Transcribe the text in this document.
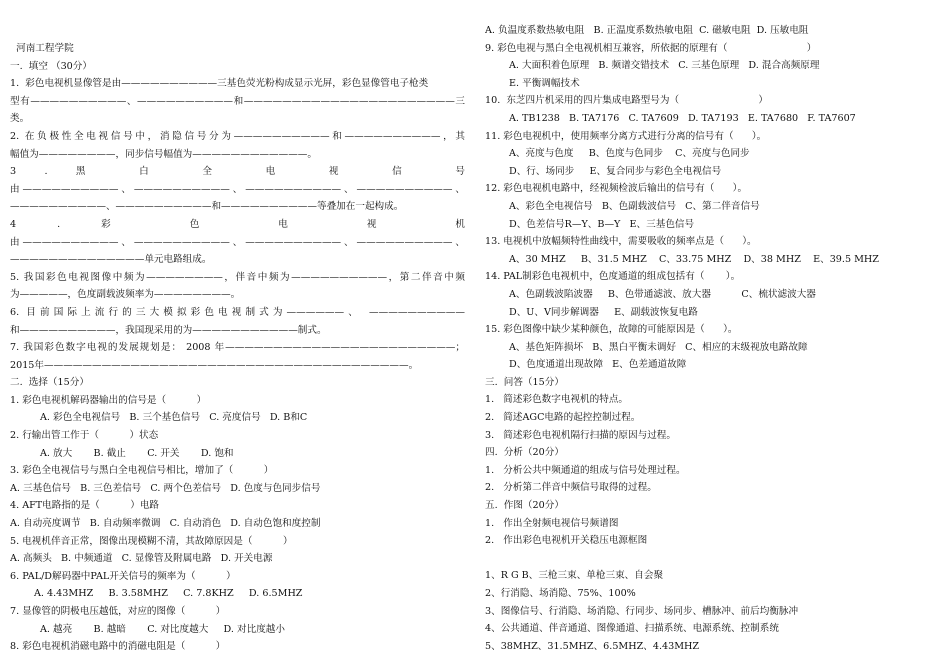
河南工程学院
一.  填空 （30分）
1.  彩色电视机显像管是由——————————三基色荧光粉构成显示光屏，彩色显像管电子枪类
型有——————————、——————————和——————————————————————三
类。
2. 在负极性全电视信号中，消隐信号分为——————————和——————————，其
幅值为————————，同步信号幅值为————————————。
3 . 黑 白 全 电 视 信 号
由——————————、——————————、——————————、——————————、
——————————、——————————和——————————等叠加在一起构成。
4 . 彩 色 电 视 机
由——————————、——————————、——————————、——————————、
——————————————单元电路组成。
5. 我国彩色电视图像中频为————————，伴音中频为——————————，第二伴音中频
为—————，色度副载波频率为————————。
6. 目前国际上流行的三大模拟彩色电视制式为——————、 ——————————
和——————————，我国现采用的为———————————制式。
7. 我国彩色数字电视的发展规划是： 2008 年————————————————————————；
2015年——————————————————————————————————————。
二.  选择（15分）
1. 彩色电视机解码器输出的信号是（          ）
A. 彩色全电视信号   B. 三个基色信号   C. 亮度信号   D. B和C
2. 行输出管工作于（          ）状态
A. 放大       B. 截止       C. 开关       D. 饱和
3. 彩色全电视信号与黑白全电视信号相比，增加了（          ）
A. 三基色信号   B. 三色差信号   C. 两个色差信号   D. 色度与色同步信号
4. AFT电路指的是（          ）电路
A. 自动亮度调节   B. 自动频率微调   C. 自动消色   D. 自动色饱和度控制
5. 电视机伴音正常，图像出现模糊不清，其故障原因是（          ）
A. 高频头   B. 中频通道   C. 显像管及附属电路   D. 开关电源
6. PAL/D解码器中PAL开关信号的频率为（          ）
A. 4.43MHZ     B. 3.58MHZ     C. 7.8KHZ     D. 6.5MHZ
7. 显像管的阴极电压越低，对应的图像（          ）
A. 越亮       B. 越暗       C. 对比度越大     D. 对比度越小
8. 彩色电视机消磁电路中的消磁电阻是（          ）
A. 负温度系数热敏电阻   B. 正温度系数热敏电阻  C. 磁敏电阻  D. 压敏电阻
9. 彩色电视与黑白全电视机相互兼容，所依据的原理有（                          ）
A. 大面积着色原理   B. 频谱交错技术   C. 三基色原理   D. 混合高频原理
E. 平衡调幅技术
10.  东芝四片机采用的四片集成电路型号为（                          ）
A. TB1238   B. TA7176   C. TA7609   D. TA7193   E. TA7680   F. TA7607
11. 彩色电视机中，使用频率分离方式进行分离的信号有（      ）。
A、亮度与色度     B、色度与色同步    C、亮度与色同步
D、行、场同步     E、复合同步与彩色全电视信号
12. 彩色电视机电路中，经视频检波后输出的信号有（      ）。
A、彩色全电视信号   B、色副载波信号   C、第二伴音信号
D、色差信号R—Y、B—Y   E、三基色信号
13. 电视机中放幅频特性曲线中，需要吸收的频率点是（      ）。
A、30 MHZ     B、31.5 MHZ    C、33.75 MHZ    D、38 MHZ    E、39.5 MHZ
14. PAL制彩色电视机中，色度通道的组成包括有（       ）。
A、色副载波陷波器     B、色带通滤波、放大器          C、梳状滤波大器
D、U、V同步解调器     E、副载波恢复电路
15. 彩色图像中缺少某种颜色，故障的可能原因是（      ）。
A、基色矩阵损坏   B、黑白平衡未调好   C、相应的末级视放电路故障
D、色度通道出现故障   E、色差通道故障
三.  问答（15分）
1.   简述彩色数字电视机的特点。
2.   简述AGC电路的起控控制过程。
3.   简述彩色电视机隔行扫描的原因与过程。
四.  分析（20分）
1.   分析公共中频通道的组成与信号处理过程。
2.   分析第二伴音中频信号取得的过程。
五.  作图（20分）
1.   作出全射频电视信号频谱图
2.   作出彩色电视机开关稳压电源框图
1、R G B、三枪三束、单枪三束、自会聚
2、行消隐、场消隐、75%、100%
3、图像信号、行消隐、场消隐、行同步、场同步、槽脉冲、前后均衡脉冲
4、公共通道、伴音通道、图像通道、扫描系统、电源系统、控制系统
5、38MHZ、31.5MHZ、6.5MHZ、4.43MHZ
